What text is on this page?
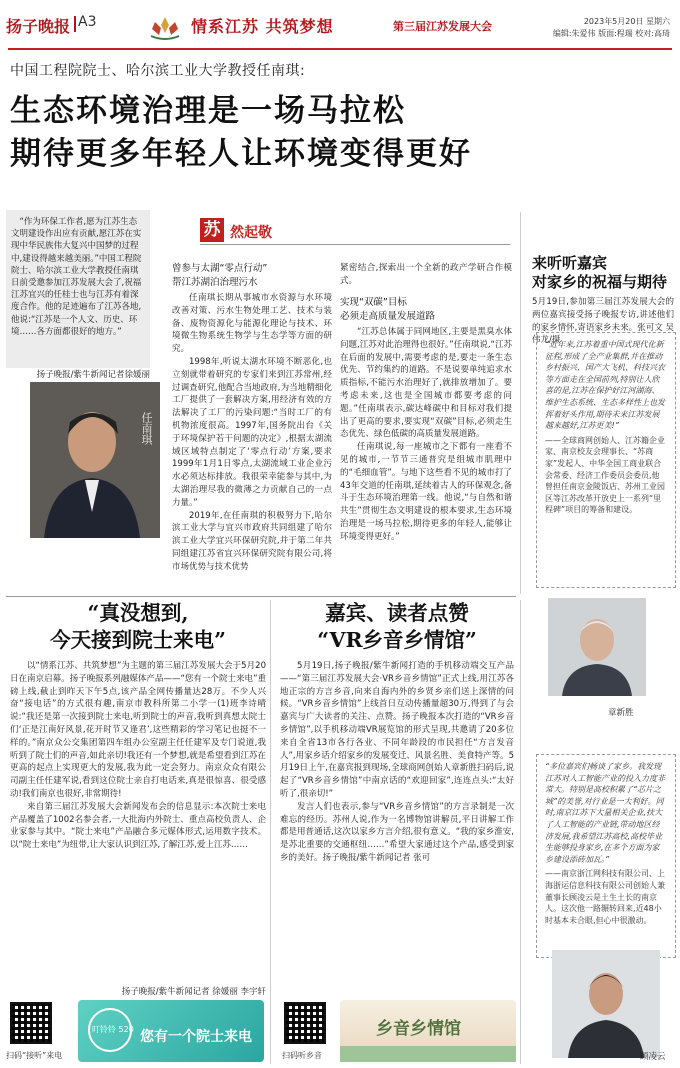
扬子晚报 A3	情系江苏 共筑梦想	第三届江苏发展大会	2023年5月20日 星期六
编辑:朱爱伟 版面:程瑞 校对:高琦
中国工程院院士、哈尔滨工业大学教授任南琪:
生态环境治理是一场马拉松
期待更多年轻人让环境变得更好
“作为环保工作者,愿为江苏生态文明建设作出应有贡献,愿江苏在实现中华民族伟大复兴中国梦的过程中,建设得越来越美丽。”中国工程院院士、哈尔滨工业大学教授任南琪日前受邀参加江苏发展大会了,祝福江苏宜兴的任桂士也与江苏有着深度合作。他的足迹遍布了江苏各地,他说:“江苏是一个人文、历史、环境……各方面都很好的地方。”
扬子晚报/紫牛新闻记者徐媛丽
任南琪
苏 然起敬
曾参与太湖“零点行动”
帮江苏湖泊治理污水

任南琪长期从事城市水资源与水环境改善对策、污水生物处理工艺、技术与装备、废物资源化与能源化理论与技术、环境微生物系统生物学与生态学等方面的研究。

1998年,听说太湖水环境不断恶化,也立刻就带着研究的专家们来到江苏常州,经过调查研究,他配合当地政府,为当地精细化工厂提供了一套解决方案,用经济有效的方法解决了工厂的污染问题:“当时工厂的有机物浓度很高。1997年,国务院出台《关于环境保护若干问题的决定》,根据太湖流域区域特点制定了‘零点行动’方案,要求1999年1月1日零点,太湖流域工业企业污水必须达标排放。我很荣幸能参与其中,为太湖治理尽我的微薄之力贡献自己的一点力量。”

2019年,在任南琪的积极努力下,哈尔滨工业大学与宜兴市政府共同组建了哈尔滨工业大学宜兴环保研究院,并于第二年共同组建江苏省宜兴环保研究院有限公司,将市场优势与技术优势

紧密结合,探索出一个全新的政产学研合作模式。
实现“双碳”目标
必须走高质量发展道路

“江苏总体属于同网地区,主要是黑臭水体问题,江苏对此治理得也很好。”任南琪说,“江苏在后面的发展中,需要考虑的是,要走一条生态优先、节约集约的道路。不是说要单纯追求水质指标,不能污水治理好了,就排放增加了。要考虑未来,这也是全国城市都要考虑的问题。”任南琪表示,碳达峰碳中和目标对我们提出了更高的要求,要实现“双碳”目标,必须走生态优先、绿色低碳的高质量发展道路。

任南琪说,每一座城市之下都有一座看不见的城市,一节节三通普究是组城市肌理中的“毛细血管”。与地下这些看不见的城市打了43年交道的任南琪,延续着古人的环保观念,备斗于生态环境治理第一线。他说,“与自然和谐共生”贯彻生态文明建设的根本要求,生态环境治理是一场马拉松,期待更多的年轻人,能够让环境变得更好。”

来听听嘉宾
对家乡的祝福与期待
5月19日,参加第三届江苏发展大会的两位嘉宾接受扬子晚报专访,讲述他们的家乡情怀,寄语家乡未来。张可文 吴伟龙/摄
“近年来,江苏着重中国式现代化新征程,形成了全产业集群,并在推动乡村振兴、国产大飞机、科技兴农等方面走在全国前列,特别让人欣喜的是,江苏在保护好江河湖海、维护生态系统、生态多样性上也发挥着好头作用,期待未来江苏发展越来越好,江苏更美!”
——全球商网创始人、江苏籍企业家、南京校友会理事长、“苏商家”发起人、中华全国工商业联合会常委、经济工作委员会委员,他曾担任南京金陵饭店、苏州工业园区等江苏改革开放史上一系列“里程碑”项目的筹备和建设。
章新胜
“多位嘉宾们畅谈了家乡。我发现江苏对人工智能产业的投入力度非常大。特别是高校积累了“芯片之城”的美誉,对行业是一大利好。同时,南京江苏下大量相关企业,扶大了人工智能的产业链,带动地区经济发展,我希望江苏高校,高校毕业生能够投身家乡,在多个方面为家乡建设添砖加瓦。”
——南京浙江网科技有限公司、上海浙运信息科技有限公司创始人兼董事长顾凌云是土生土长的南京人。这次他一路辗转回来,近48小时基本未合眼,但心中很激动。
顾凌云
“真没想到,
今天接到院士来电”

以“情系江苏、共筑梦想”为主题的第三届江苏发展大会于5月20日在南京启幕。扬子晚报系列融媒体产品——“您有一个院士来电”重磅上线,截止到昨天下午5点,该产品全网传播量达28万。不少人兴奋“接电话”的方式很有趣,南京市教科所第二小学一(1)班李诗晴说:“我还是第一次接到院士来电,听到院士的声音,我听到真想太院士们‘正是江南好风景,花开时节又逢君’,这些精彩的学习笔记也挺不一样的。”南京众公交集团第四车组办公室副主任任建军及专门说道,我听到了院士们的声音,如此亲切!我还有一个梦想,就是希望看到江苏在更高的起点上实现更大的发展,我为此一定会努力。南京众众有限公司副主任任建军说,看到这位院士亲自打电话来,真是很惊喜、很受感动!我们南京也很好,非常期待!

来自第三届江苏发展大会新闻发布会的信息显示:本次院士来电产品覆盖了1002名参会者,一大批海内外院士、重点高校负责人、企业家参与其中。“院士来电”产品融合多元媒体形式,运用数字技术。以“院士来电”为纽带,让大家认识到江苏,了解江苏,爱上江苏……

扬子晚报/紫牛新闻记者 徐媛丽 李宇轩
扫码“接听”来电
叮铃铃 520 您有一个院士来电
嘉宾、读者点赞
“VR乡音乡情馆”

5月19日,扬子晚报/紫牛新闻打造的手机移动端交互产品——“第三届江苏发展大会·VR乡音乡情馆”正式上线,用江苏各地正宗的方言乡音,向来自海内外的乡贤乡亲们送上深情的问候。“VR乡音乡情馆”上线首日互动传播量超30万,得到了与会嘉宾与广大读者的关注、点赞。扬子晚报本次打造的“VR乡音乡情馆”,以手机移动端VR展览馆的形式呈现,共邀请了20多位来自全省13市各行各业、不同年龄段的市民担任“方言发音人”,用家乡话介绍家乡的发展变迁、风景名胜、美食特产等。5月19日上午,在嘉宾报到现场,全球商网创始人章新胜扫码后,说起了“VR乡音乡情馆”中南京话的“欢迎回家”,连连点头:“太好听了,很亲切!”

发言人们也表示,参与“VR乡音乡情馆”的方言录制是一次难忘的经历。苏州人说,作为一名博物馆讲解员,平日讲解工作都是用普通话,这次以家乡方言介绍,很有意义。“我的家乡淮安,是苏北重要的交通枢纽……”希望大家通过这个产品,感受到家乡的美好。扬子晚报/紫牛新闻记者 张可

扫码听乡音
乡音乡情馆
